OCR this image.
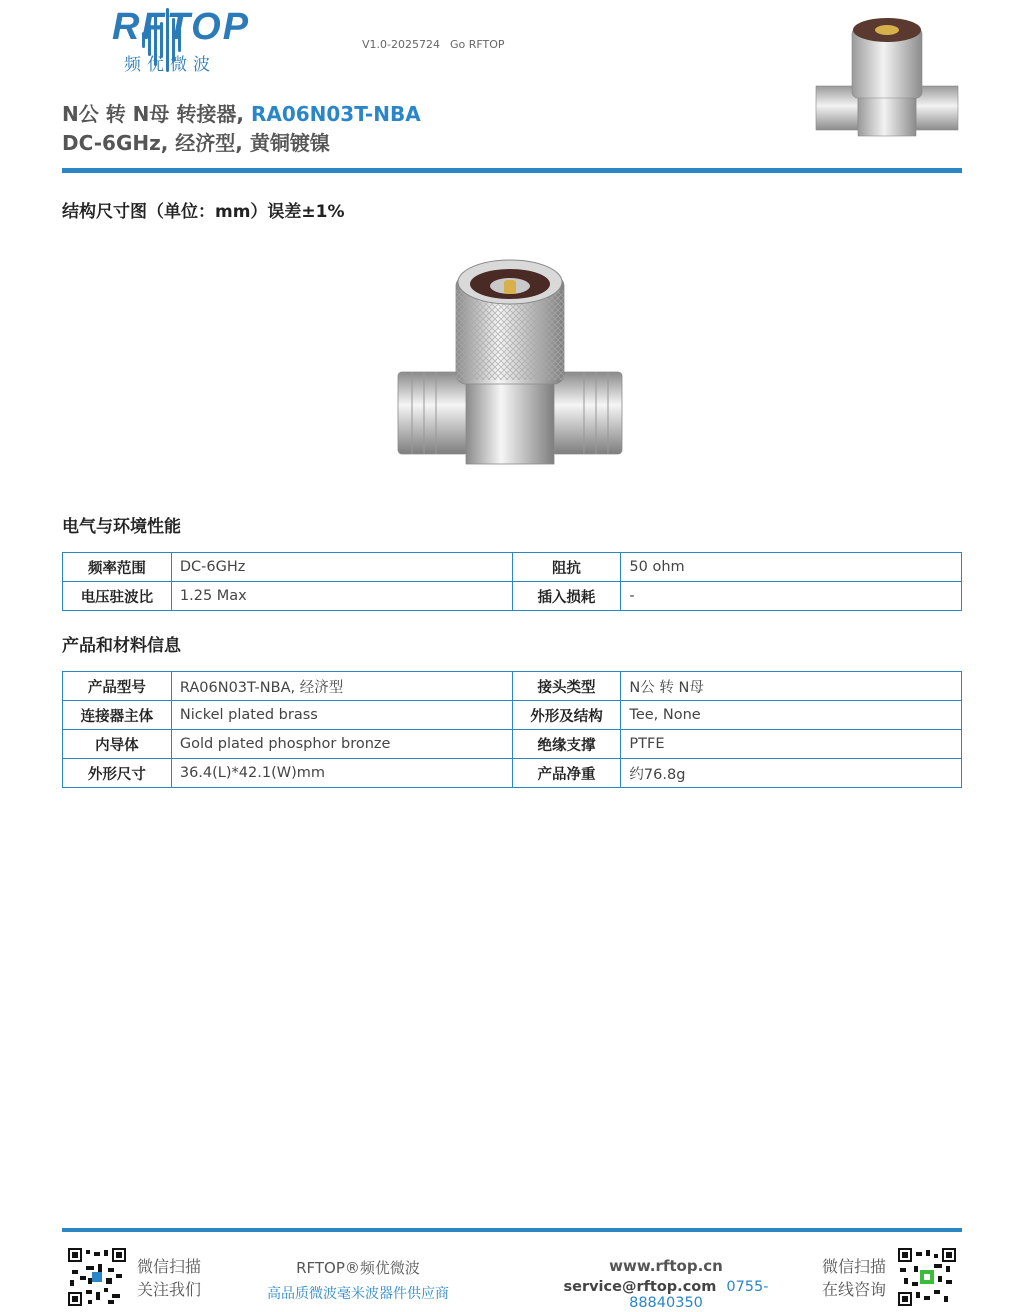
RFTOP
频优微波
V1.0-2025724 Go RFTOP
N公 转 N母 转接器, RA06N03T-NBA
DC-6GHz, 经济型, 黄铜镀镍
结构尺寸图（单位：mm）误差±1%
电气与环境性能
频率范围	DC-6GHz	阻抗	50 ohm
电压驻波比	1.25 Max	插入损耗	-
产品和材料信息
产品型号	RA06N03T-NBA, 经济型	接头类型	N公 转 N母
连接器主体	Nickel plated brass	外形及结构	Tee, None
内导体	Gold plated phosphor bronze	绝缘支撑	PTFE
外形尺寸	36.4(L)*42.1(W)mm	产品净重	约76.8g
微信扫描
关注我们
RFTOP®频优微波
高品质微波毫米波器件供应商
www.rftop.cn
service@rftop.com 0755-88840350
微信扫描
在线咨询
